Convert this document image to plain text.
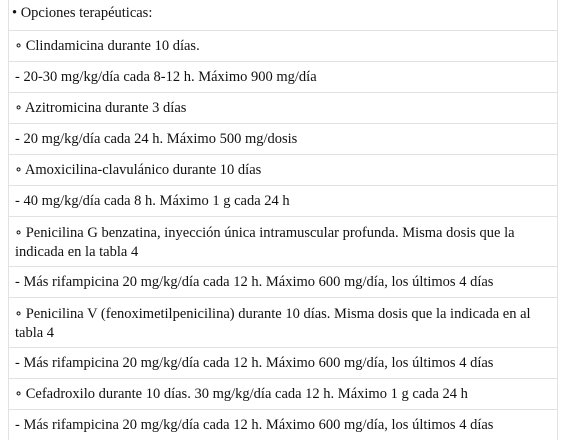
• Opciones terapéuticas:
∘ Clindamicina durante 10 días.
- 20-30 mg/kg/día cada 8-12 h. Máximo 900 mg/día
∘ Azitromicina durante 3 días
- 20 mg/kg/día cada 24 h. Máximo 500 mg/dosis
∘ Amoxicilina-clavulánico durante 10 días
- 40 mg/kg/día cada 8 h. Máximo 1 g cada 24 h
∘ Penicilina G benzatina, inyección única intramuscular profunda. Misma dosis que la indicada en la tabla 4
- Más rifampicina 20 mg/kg/día cada 12 h. Máximo 600 mg/día, los últimos 4 días
∘ Penicilina V (fenoximetilpenicilina) durante 10 días. Misma dosis que la indicada en al tabla 4
- Más rifampicina 20 mg/kg/día cada 12 h. Máximo 600 mg/día, los últimos 4 días
∘ Cefadroxilo durante 10 días. 30 mg/kg/día cada 12 h. Máximo 1 g cada 24 h
- Más rifampicina 20 mg/kg/día cada 12 h. Máximo 600 mg/día, los últimos 4 días
